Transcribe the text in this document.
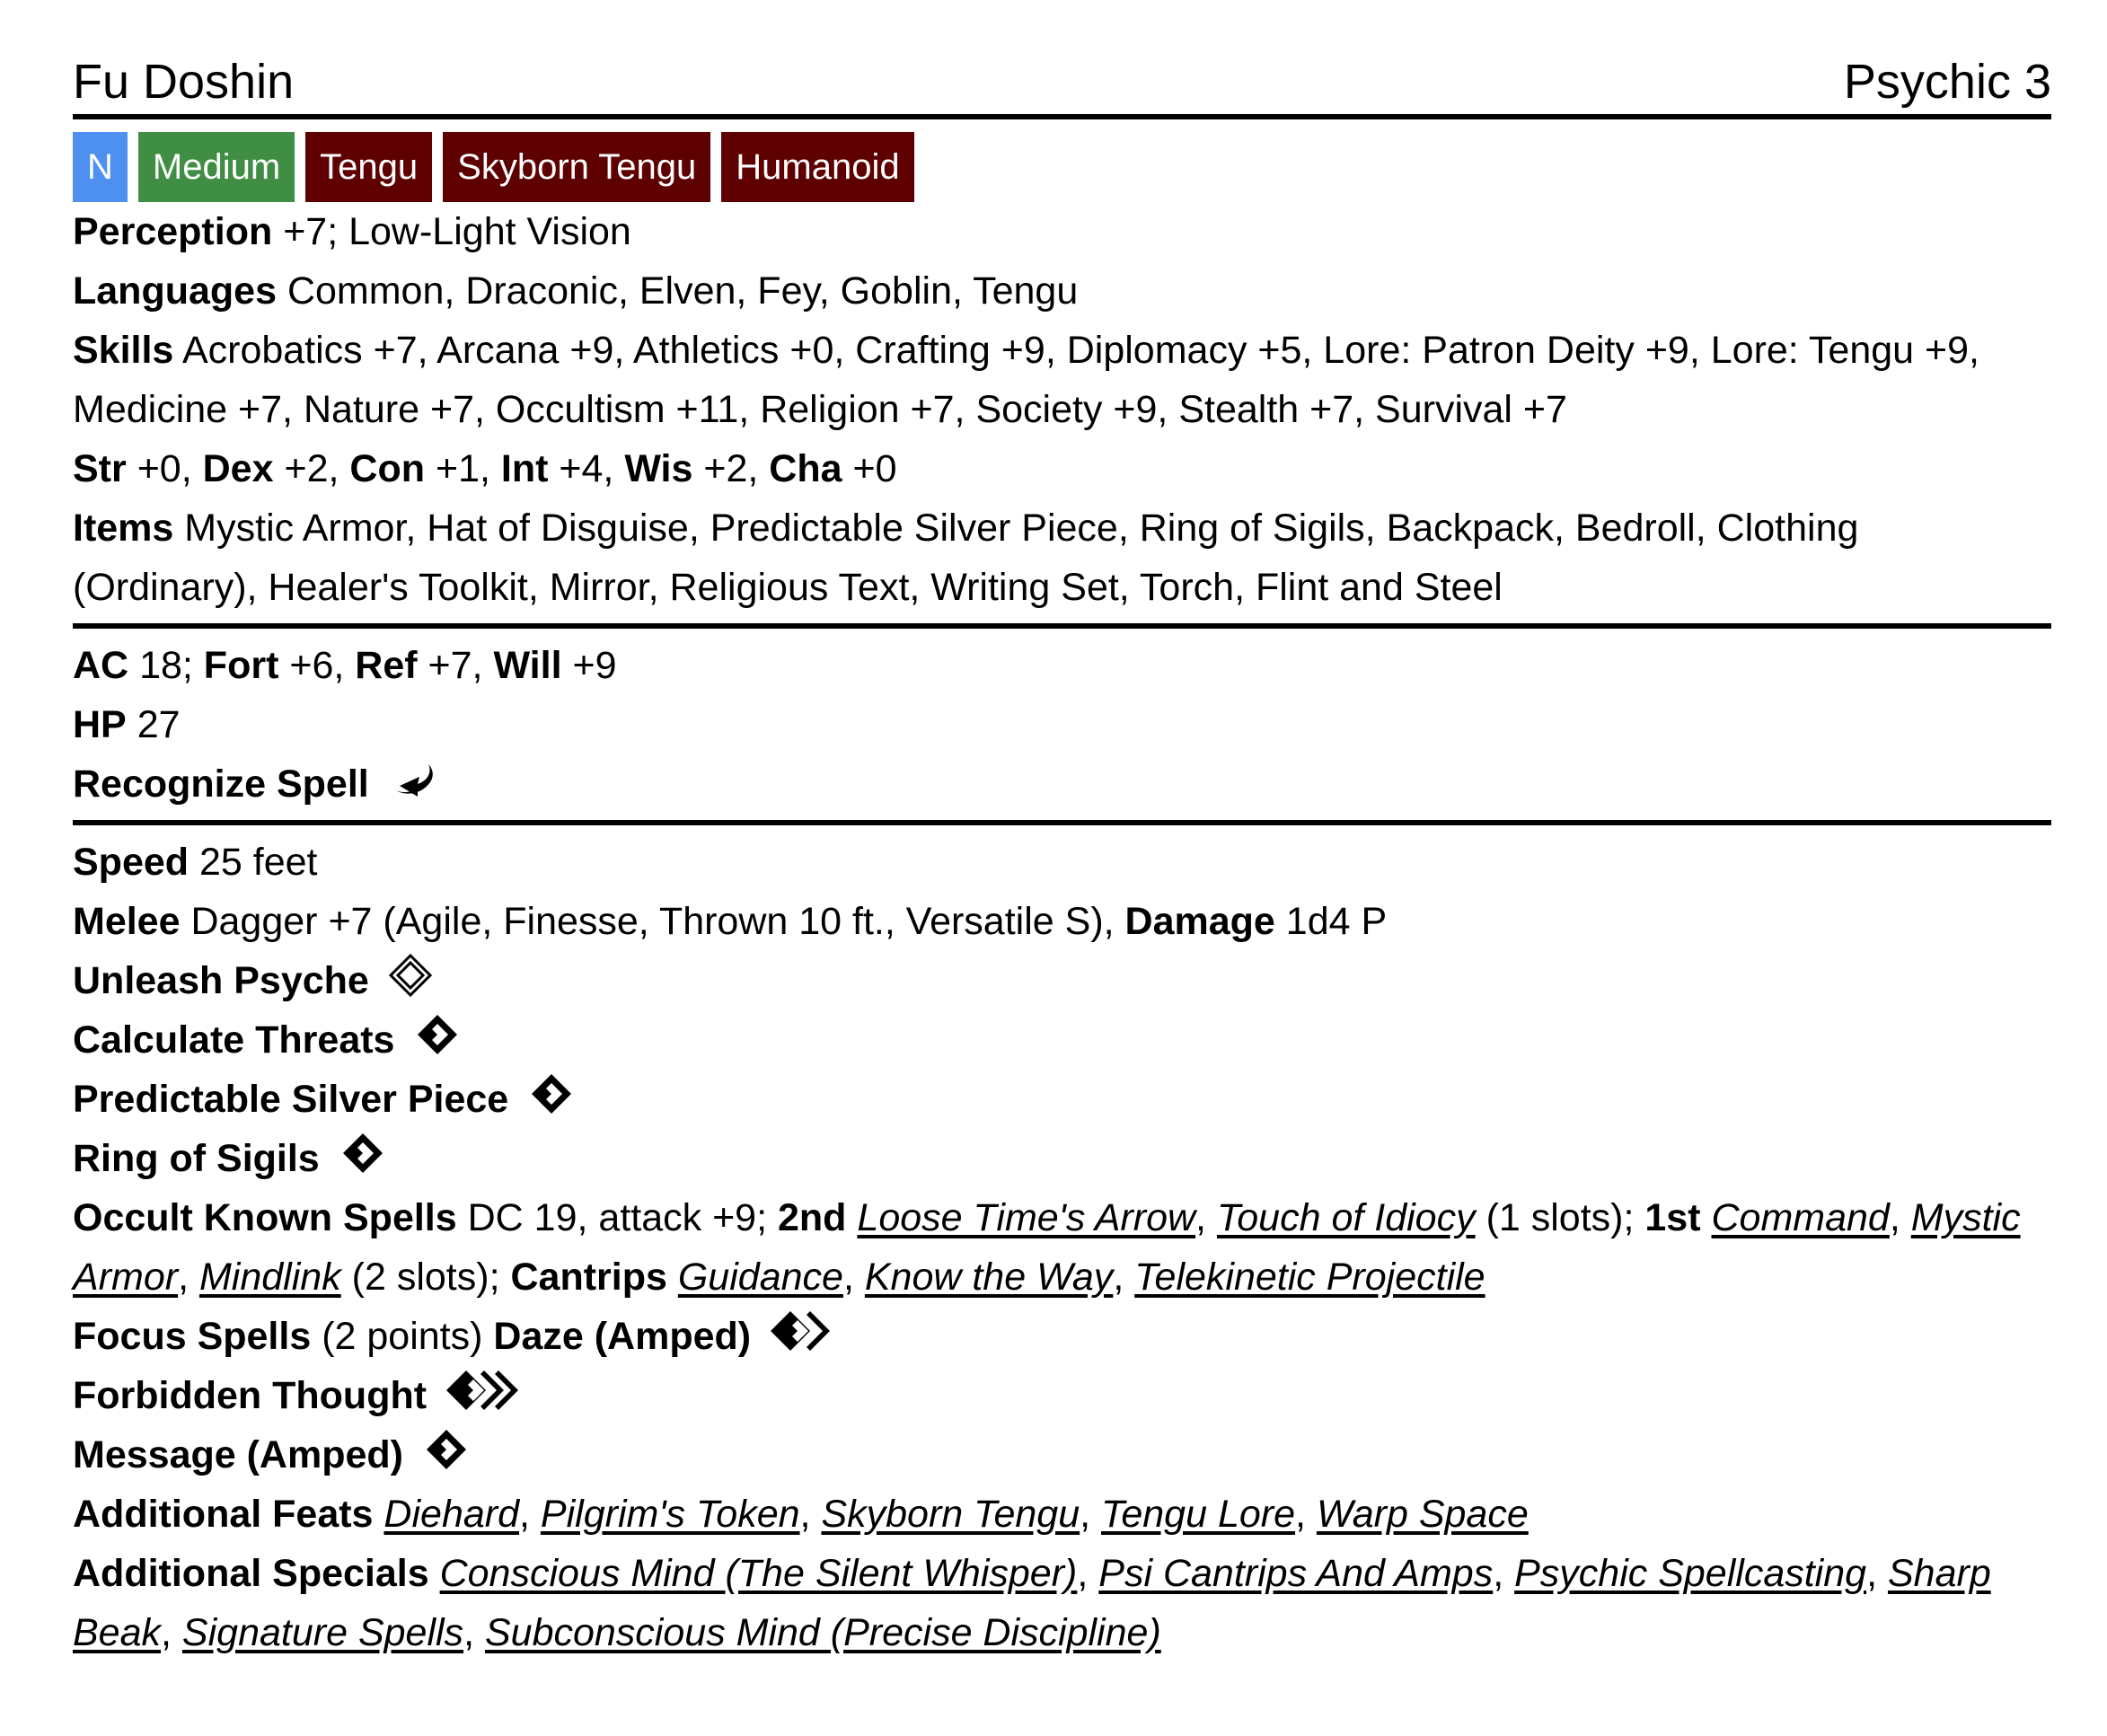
Fu Doshin	Psychic 3
N	Medium	Tengu	Skyborn Tengu	Humanoid
Perception +7; Low-Light Vision
Languages Common, Draconic, Elven, Fey, Goblin, Tengu
Skills Acrobatics +7, Arcana +9, Athletics +0, Crafting +9, Diplomacy +5, Lore: Patron Deity +9, Lore: Tengu +9,
Medicine +7, Nature +7, Occultism +11, Religion +7, Society +9, Stealth +7, Survival +7
Str +0, Dex +2, Con +1, Int +4, Wis +2, Cha +0
Items Mystic Armor, Hat of Disguise, Predictable Silver Piece, Ring of Sigils, Backpack, Bedroll, Clothing
(Ordinary), Healer's Toolkit, Mirror, Religious Text, Writing Set, Torch, Flint and Steel
AC 18; Fort +6, Ref +7, Will +9
HP 27
Recognize Spell
Speed 25 feet
Melee Dagger +7 (Agile, Finesse, Thrown 10 ft., Versatile S), Damage 1d4 P
Unleash Psyche
Calculate Threats
Predictable Silver Piece
Ring of Sigils
Occult Known Spells DC 19, attack +9; 2nd Loose Time's Arrow, Touch of Idiocy (1 slots); 1st Command, Mystic
Armor, Mindlink (2 slots); Cantrips Guidance, Know the Way, Telekinetic Projectile
Focus Spells (2 points) Daze (Amped)
Forbidden Thought
Message (Amped)
Additional Feats Diehard, Pilgrim's Token, Skyborn Tengu, Tengu Lore, Warp Space
Additional Specials Conscious Mind (The Silent Whisper), Psi Cantrips And Amps, Psychic Spellcasting, Sharp
Beak, Signature Spells, Subconscious Mind (Precise Discipline)
